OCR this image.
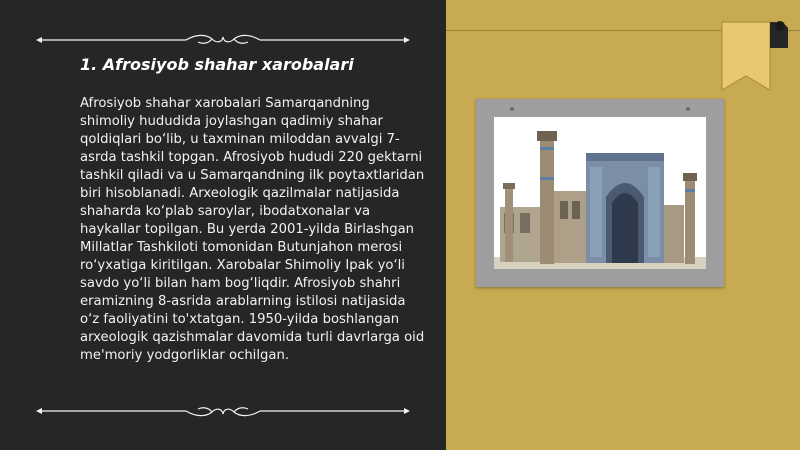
1. Afrosiyob shahar xarobalari

Afrosiyob shahar xarobalari Samarqandning shimoliy hududida joylashgan qadimiy shahar qoldiqlari bo‘lib, u taxminan miloddan avvalgi 7-asrda tashkil topgan. Afrosiyob hududi 220 gektarni tashkil qiladi va u Samarqandning ilk poytaxtlaridan biri hisoblanadi. Arxeologik qazilmalar natijasida shaharda ko‘plab saroylar, ibodatxonalar va haykallar topilgan. Bu yerda 2001-yilda Birlashgan Millatlar Tashkiloti tomonidan Butunjahon merosi ro‘yxatiga kiritilgan. Xarobalar Shimoliy Ipak yo‘li savdo yo‘li bilan ham bog‘liqdir. Afrosiyob shahri eramizning 8-asrida arablarning istilosi natijasida o‘z faoliyatini to'xtatgan. 1950-yilda boshlangan arxeologik qazishmalar davomida turli davrlarga oid me'moriy yodgorliklar ochilgan.
